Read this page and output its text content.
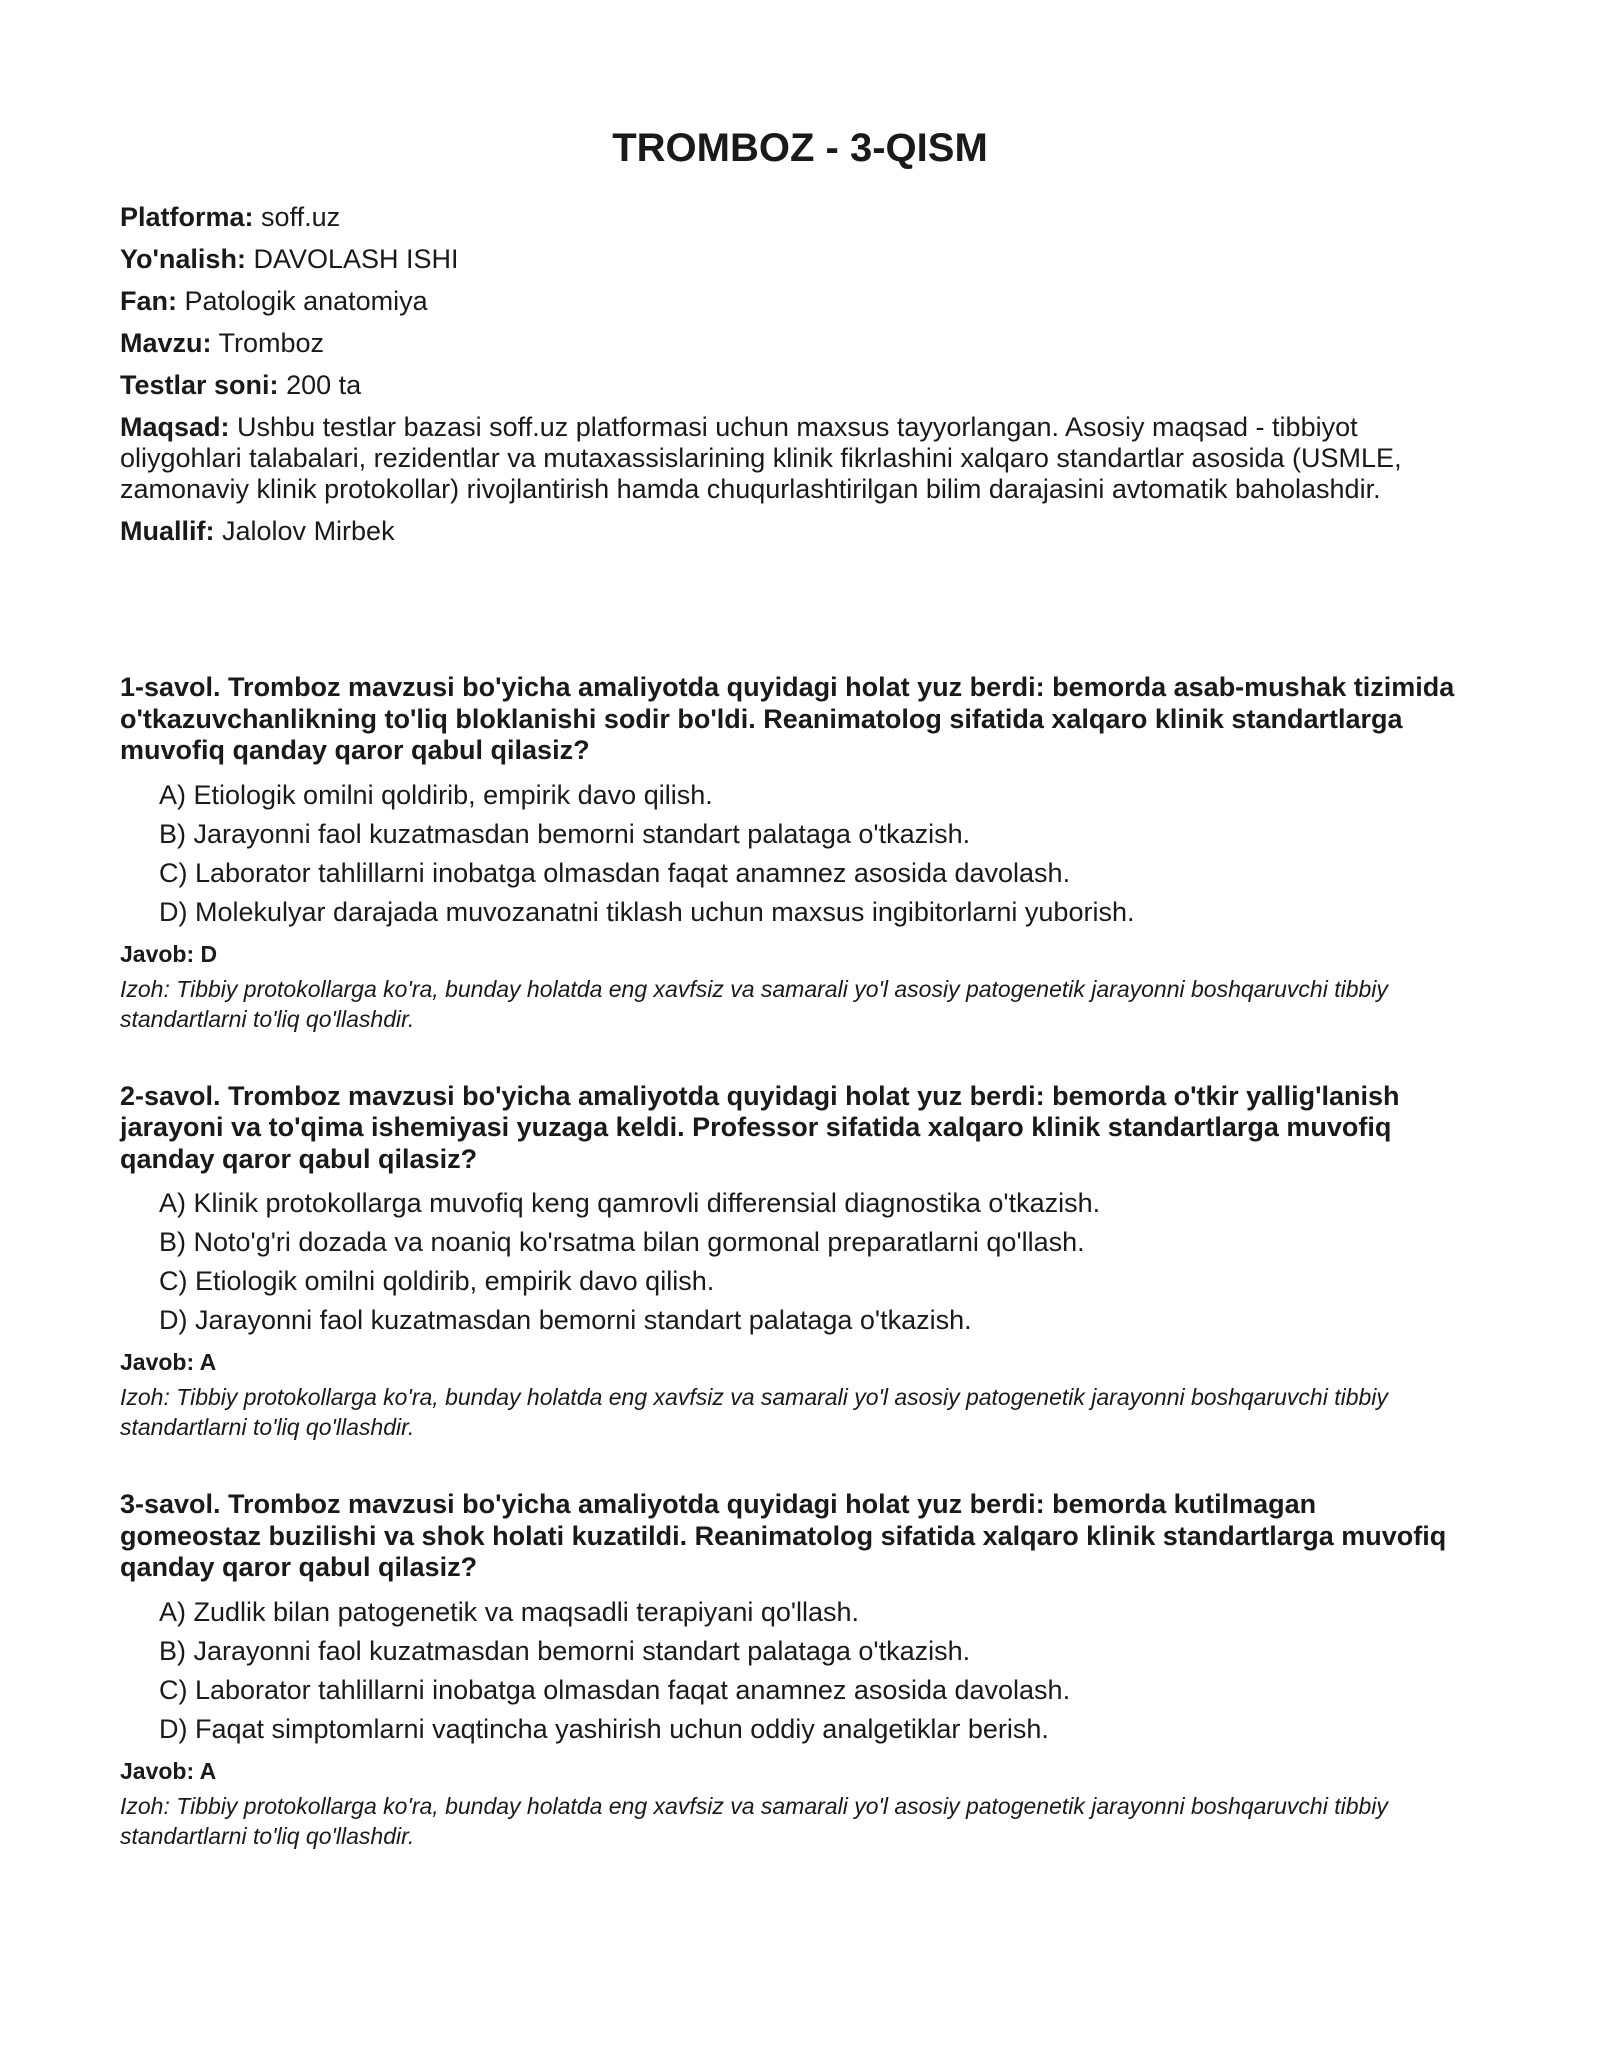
TROMBOZ - 3-QISM

Platforma: soff.uz

Yo'nalish: DAVOLASH ISHI

Fan: Patologik anatomiya

Mavzu: Tromboz

Testlar soni: 200 ta

Maqsad: Ushbu testlar bazasi soff.uz platformasi uchun maxsus tayyorlangan. Asosiy maqsad - tibbiyot oliygohlari talabalari, rezidentlar va mutaxassislarining klinik fikrlashini xalqaro standartlar asosida (USMLE, zamonaviy klinik protokollar) rivojlantirish hamda chuqurlashtirilgan bilim darajasini avtomatik baholashdir.

Muallif: Jalolov Mirbek

1-savol. Tromboz mavzusi bo'yicha amaliyotda quyidagi holat yuz berdi: bemorda asab-mushak tizimida o'tkazuvchanlikning to'liq bloklanishi sodir bo'ldi. Reanimatolog sifatida xalqaro klinik standartlarga muvofiq qanday qaror qabul qilasiz?

A) Etiologik omilni qoldirib, empirik davo qilish.
B) Jarayonni faol kuzatmasdan bemorni standart palataga o'tkazish.
C) Laborator tahlillarni inobatga olmasdan faqat anamnez asosida davolash.
D) Molekulyar darajada muvozanatni tiklash uchun maxsus ingibitorlarni yuborish.

Javob: D

Izoh: Tibbiy protokollarga ko'ra, bunday holatda eng xavfsiz va samarali yo'l asosiy patogenetik jarayonni boshqaruvchi tibbiy standartlarni to'liq qo'llashdir.

2-savol. Tromboz mavzusi bo'yicha amaliyotda quyidagi holat yuz berdi: bemorda o'tkir yallig'lanish jarayoni va to'qima ishemiyasi yuzaga keldi. Professor sifatida xalqaro klinik standartlarga muvofiq qanday qaror qabul qilasiz?

A) Klinik protokollarga muvofiq keng qamrovli differensial diagnostika o'tkazish.
B) Noto'g'ri dozada va noaniq ko'rsatma bilan gormonal preparatlarni qo'llash.
C) Etiologik omilni qoldirib, empirik davo qilish.
D) Jarayonni faol kuzatmasdan bemorni standart palataga o'tkazish.

Javob: A

Izoh: Tibbiy protokollarga ko'ra, bunday holatda eng xavfsiz va samarali yo'l asosiy patogenetik jarayonni boshqaruvchi tibbiy standartlarni to'liq qo'llashdir.

3-savol. Tromboz mavzusi bo'yicha amaliyotda quyidagi holat yuz berdi: bemorda kutilmagan gomeostaz buzilishi va shok holati kuzatildi. Reanimatolog sifatida xalqaro klinik standartlarga muvofiq qanday qaror qabul qilasiz?

A) Zudlik bilan patogenetik va maqsadli terapiyani qo'llash.
B) Jarayonni faol kuzatmasdan bemorni standart palataga o'tkazish.
C) Laborator tahlillarni inobatga olmasdan faqat anamnez asosida davolash.
D) Faqat simptomlarni vaqtincha yashirish uchun oddiy analgetiklar berish.

Javob: A

Izoh: Tibbiy protokollarga ko'ra, bunday holatda eng xavfsiz va samarali yo'l asosiy patogenetik jarayonni boshqaruvchi tibbiy standartlarni to'liq qo'llashdir.
